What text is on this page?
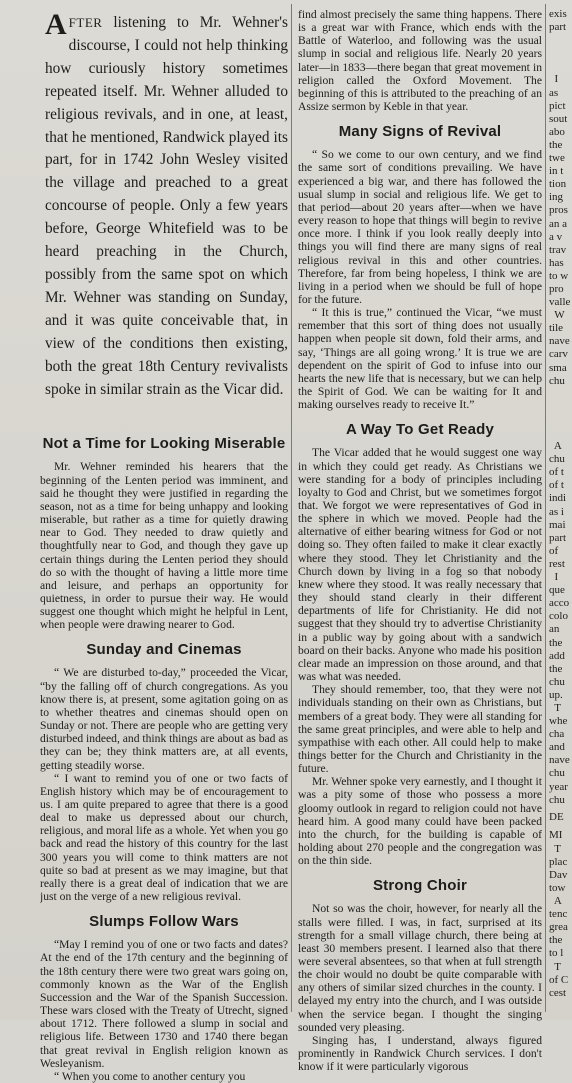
AFTER listening to Mr. Wehner's discourse, I could not help thinking how curiously history sometimes repeated itself. Mr. Wehner alluded to religious revivals, and in one, at least, that he mentioned, Randwick played its part, for in 1742 John Wesley visited the village and preached to a great concourse of people. Only a few years before, George Whitefield was to be heard preaching in the Church, possibly from the same spot on which Mr. Wehner was standing on Sunday, and it was quite conceivable that, in view of the conditions then existing, both the great 18th Century revivalists spoke in similar strain as the Vicar did.
Not a Time for Looking Miserable

Mr. Wehner reminded his hearers that the beginning of the Lenten period was imminent, and said he thought they were justified in regarding the season, not as a time for being unhappy and looking miserable, but rather as a time for quietly drawing near to God. They needed to draw quietly and thoughtfully near to God, and though they gave up certain things during the Lenten period they should do so with the thought of having a little more time and leisure, and perhaps an opportunity for quietness, in order to pursue their way. He would suggest one thought which might he helpful in Lent, when people were drawing nearer to God.

Sunday and Cinemas

“ We are disturbed to-day,” proceeded the Vicar, “by the falling off of church congregations. As you know there is, at present, some agitation going on as to whether theatres and cinemas should open on Sunday or not. There are people who are getting very disturbed indeed, and think things are about as bad as they can be; they think matters are, at all events, getting steadily worse.

“ I want to remind you of one or two facts of English history which may be of encouragement to us. I am quite prepared to agree that there is a good deal to make us depressed about our church, religious, and moral life as a whole. Yet when you go back and read the history of this country for the last 300 years you will come to think matters are not quite so bad at present as we may imagine, but that really there is a great deal of indication that we are just on the verge of a new religious revival.

Slumps Follow Wars

“May I remind you of one or two facts and dates? At the end of the 17th century and the beginning of the 18th century there were two great wars going on, commonly known as the War of the English Succession and the War of the Spanish Succession. These wars closed with the Treaty of Utrecht, signed about 1712. There followed a slump in social and religious life. Between 1730 and 1740 there began that great revival in English religion known as Wesleyanism.

“ When you come to another century you

find almost precisely the same thing happens. There is a great war with France, which ends with the Battle of Waterloo, and following was the usual slump in social and religious life. Nearly 20 years later—in 1833—there began that great movement in religion called the Oxford Movement. The beginning of this is attributed to the preaching of an Assize sermon by Keble in that year.

Many Signs of Revival

“ So we come to our own century, and we find the same sort of conditions prevailing. We have experienced a big war, and there has followed the usual slump in social and religious life. We get to that period—about 20 years after—when we have every reason to hope that things will begin to revive once more. I think if you look really deeply into things you will find there are many signs of real religious revival in this and other countries. Therefore, far from being hopeless, I think we are living in a period when we should be full of hope for the future.

“ It this is true,” continued the Vicar, “we must remember that this sort of thing does not usually happen when people sit down, fold their arms, and say, ‘Things are all going wrong.’ It is true we are dependent on the spirit of God to infuse into our hearts the new life that is necessary, but we can help the Spirit of God. We can be waiting for It and making ourselves ready to receive It.”

A Way To Get Ready

The Vicar added that he would suggest one way in which they could get ready. As Christians we were standing for a body of principles including loyalty to God and Christ, but we sometimes forgot that. We forgot we were representatives of God in the sphere in which we moved. People had the alternative of either bearing witness for God or not doing so. They often failed to make it clear exactly where they stood. They let Christianity and the Church down by living in a fog so that nobody knew where they stood. It was really necessary that they should stand clearly in their different departments of life for Christianity. He did not suggest that they should try to advertise Christianity in a public way by going about with a sandwich board on their backs. Anyone who made his position clear made an impression on those around, and that was what was needed.

They should remember, too, that they were not individuals standing on their own as Christians, but members of a great body. They were all standing for the same great principles, and were able to help and sympathise with each other. All could help to make things better for the Church and Christianity in the future.

Mr. Wehner spoke very earnestly, and I thought it was a pity some of those who possess a more gloomy outlook in regard to religion could not have heard him. A good many could have been packed into the church, for the building is capable of holding about 270 people and the congregation was on the thin side.

Strong Choir

Not so was the choir, however, for nearly all the stalls were filled. I was, in fact, surprised at its strength for a small village church, there being at least 30 members present. I learned also that there were several absentees, so that when at full strength the choir would no doubt be quite comparable with any others of similar sized churches in the county. I delayed my entry into the church, and I was outside when the service began. I thought the singing sounded very pleasing.

Singing has, I understand, always figured prominently in Randwick Church services. I don't know if it were particularly vigorous

exis
part

I
as
pict
sout
abo
the
twe
in t
tion
ing
pros
an a
a v
trav
has
to w
pro
valle
W
tile
nave
carv
sma
chu

A
chu
of t
of t
indi
as i
mai
part
of
rest
I
que
acco
colo
an
the
add
the
chu
up.
T
whe
cha
and
nave
chu
year
chu
DE MI
T
plac
Dav
tow
A
tenc
grea
the
to l
T
of C
cest
